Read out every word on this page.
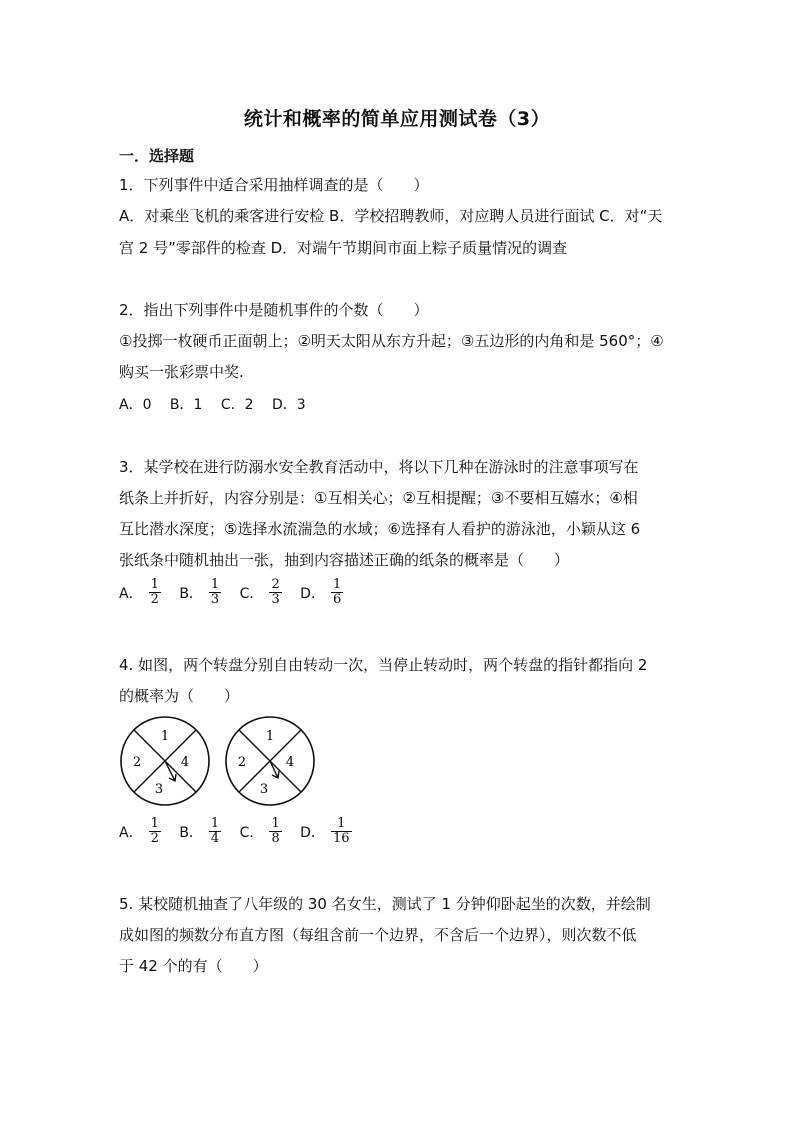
统计和概率的简单应用测试卷（3）
一．选择题
1．下列事件中适合采用抽样调查的是（　　）
A．对乘坐飞机的乘客进行安检 B．学校招聘教师，对应聘人员进行面试 C．对“天
宫 2 号”零部件的检查 D．对端午节期间市面上粽子质量情况的调查
2．指出下列事件中是随机事件的个数（　　）
①投掷一枚硬币正面朝上；②明天太阳从东方升起；③五边形的内角和是 560°；④
购买一张彩票中奖.
A．0　 B．1　 C．2　 D．3
3．某学校在进行防溺水安全教育活动中，将以下几种在游泳时的注意事项写在
纸条上并折好，内容分别是：①互相关心；②互相提醒；③不要相互嬉水；④相
互比潜水深度；⑤选择水流湍急的水域；⑥选择有人看护的游泳池，小颖从这 6
张纸条中随机抽出一张，抽到内容描述正确的纸条的概率是（　　）
A． $\frac{1}{2}$
B． $\frac{1}{3}$
C． $\frac{2}{3}$
D． $\frac{1}{6}$
4. 如图，两个转盘分别自由转动一次，当停止转动时，两个转盘的指针都指向 2
的概率为（　　）
1
2
3
4
1
2
3
4
A． $\frac{1}{2}$
B． $\frac{1}{4}$
C． $\frac{1}{8}$
D． $\frac{1}{16}$
5. 某校随机抽查了八年级的 30 名女生，测试了 1 分钟仰卧起坐的次数，并绘制
成如图的频数分布直方图（每组含前一个边界，不含后一个边界），则次数不低
于 42 个的有（　　）
